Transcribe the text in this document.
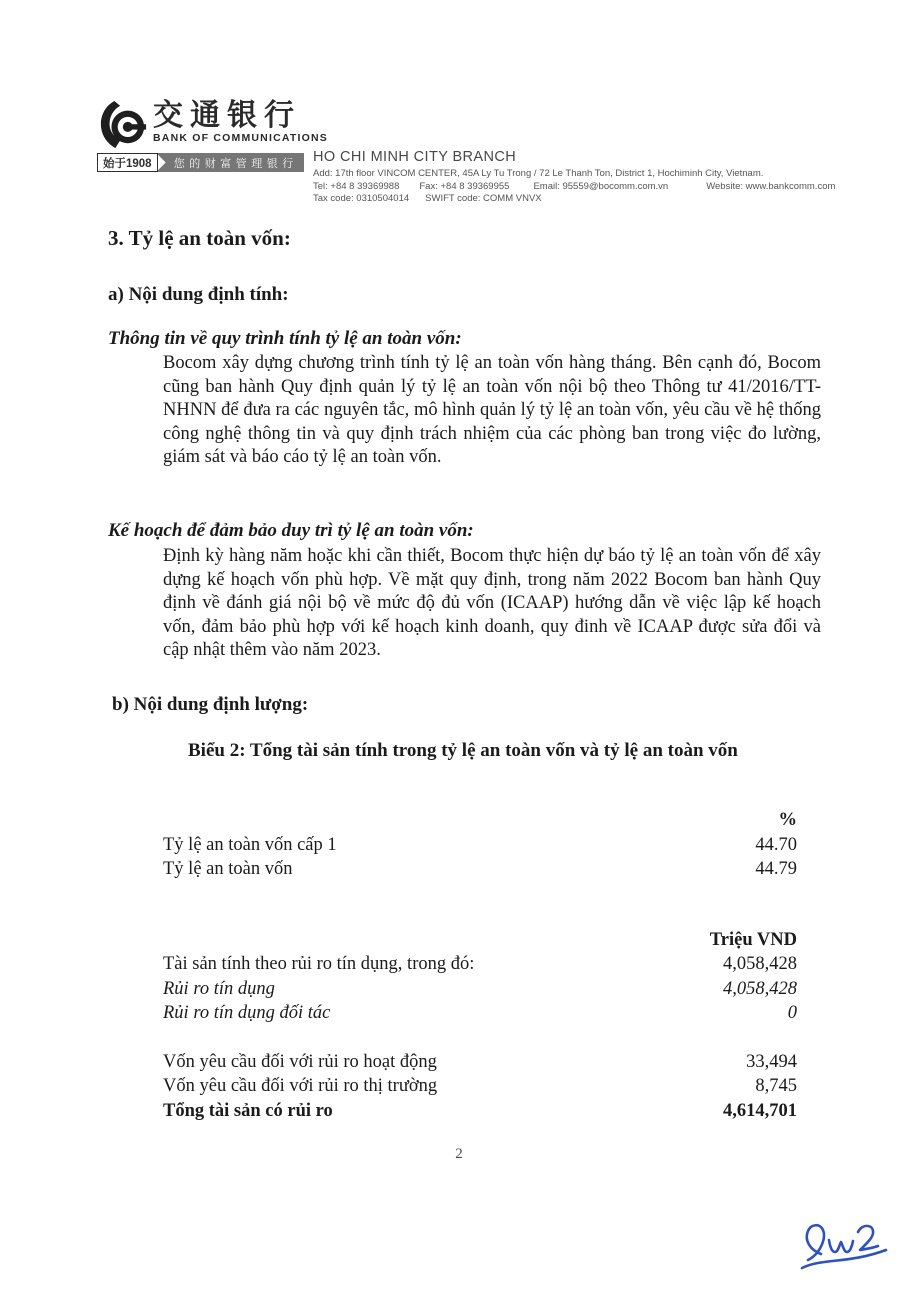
交通银行
BANK OF COMMUNICATIONS
始于1908	您的财富管理银行	HO CHI MINH CITY BRANCH
Add: 17th floor VINCOM CENTER, 45A Ly Tu Trong / 72 Le Thanh Ton, District 1, Hochiminh City, Vietnam.
Tel: +84 8 39369988 Fax: +84 8 39369955	Email: 95559@bocomm.com.vn	Website: www.bankcomm.com
Tax code: 0310504014 SWIFT code: COMM VNVX
3. Tỷ lệ an toàn vốn:
a) Nội dung định tính:
Thông tin về quy trình tính tỷ lệ an toàn vốn:
Bocom xây dựng chương trình tính tỷ lệ an toàn vốn hàng tháng. Bên cạnh đó, Bocom cũng ban hành Quy định quản lý tỷ lệ an toàn vốn nội bộ theo Thông tư 41/2016/TT-NHNN để đưa ra các nguyên tắc, mô hình quản lý tỷ lệ an toàn vốn, yêu cầu về hệ thống công nghệ thông tin và quy định trách nhiệm của các phòng ban trong việc đo lường, giám sát và báo cáo tỷ lệ an toàn vốn.
Kế hoạch để đảm bảo duy trì tỷ lệ an toàn vốn:
Định kỳ hàng năm hoặc khi cần thiết, Bocom thực hiện dự báo tỷ lệ an toàn vốn để xây dựng kế hoạch vốn phù hợp. Về mặt quy định, trong năm 2022 Bocom ban hành Quy định về đánh giá nội bộ về mức độ đủ vốn (ICAAP) hướng dẫn về việc lập kế hoạch vốn, đảm bảo phù hợp với kế hoạch kinh doanh, quy đinh về ICAAP được sửa đổi và cập nhật thêm vào năm 2023.
b) Nội dung định lượng:
Biểu 2: Tổng tài sản tính trong tỷ lệ an toàn vốn và tỷ lệ an toàn vốn
%
Tỷ lệ an toàn vốn cấp 1	44.70
Tỷ lệ an toàn vốn	44.79
Triệu VND
Tài sản tính theo rủi ro tín dụng, trong đó:	4,058,428
Rủi ro tín dụng	4,058,428
Rủi ro tín dụng đối tác	0
Vốn yêu cầu đối với rủi ro hoạt động	33,494
Vốn yêu cầu đối với rủi ro thị trường	8,745
Tổng tài sản có rủi ro	4,614,701
2
